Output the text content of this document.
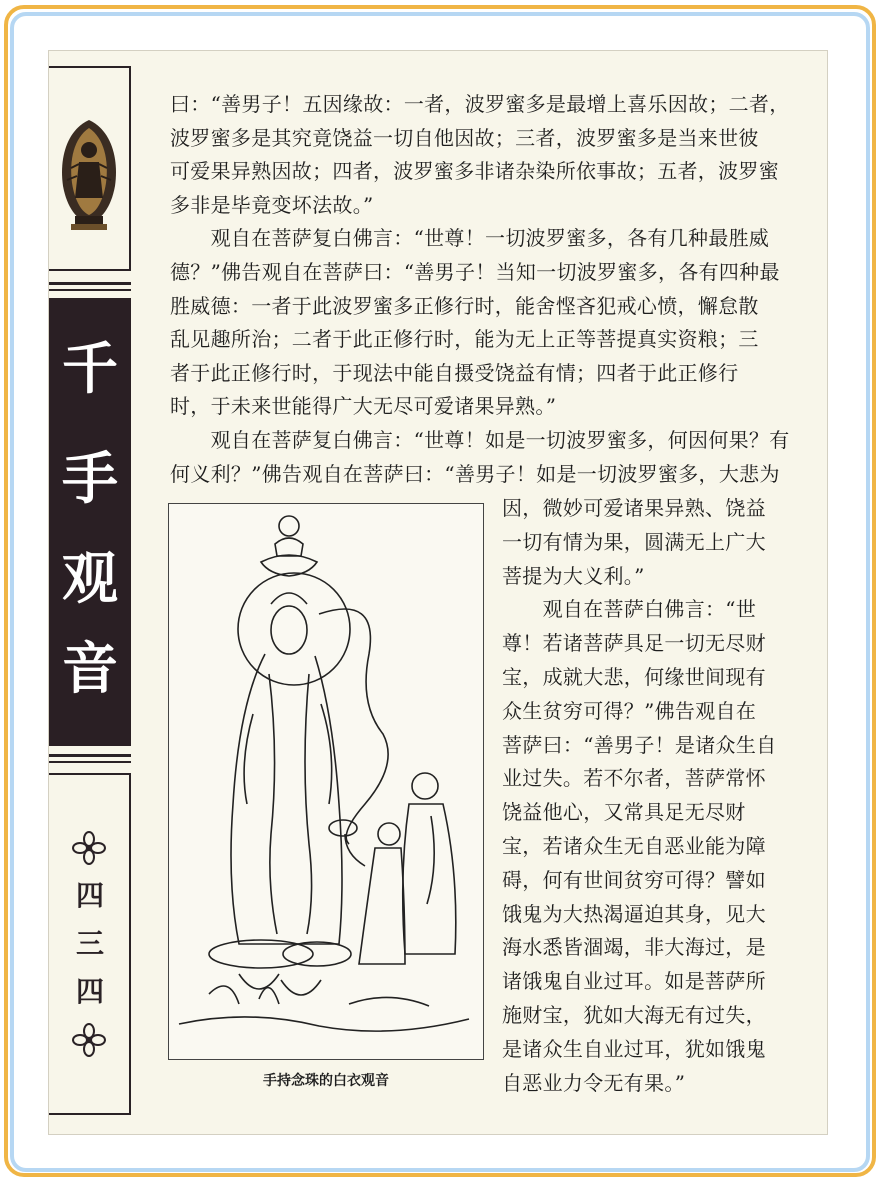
千
手
观
音
四
三
四
手持念珠的白衣观音
曰：“善男子！五因缘故：一者，波罗蜜多是最增上喜乐因故；二者，
波罗蜜多是其究竟饶益一切自他因故；三者，波罗蜜多是当来世彼
可爱果异熟因故；四者，波罗蜜多非诸杂染所依事故；五者，波罗蜜
多非是毕竟变坏法故。”
　　观自在菩萨复白佛言：“世尊！一切波罗蜜多，各有几种最胜威
德？”佛告观自在菩萨曰：“善男子！当知一切波罗蜜多，各有四种最
胜威德：一者于此波罗蜜多正修行时，能舍悭吝犯戒心愤，懈怠散
乱见趣所治；二者于此正修行时，能为无上正等菩提真实资粮；三
者于此正修行时，于现法中能自摄受饶益有情；四者于此正修行
时，于未来世能得广大无尽可爱诸果异熟。”
　　观自在菩萨复白佛言：“世尊！如是一切波罗蜜多，何因何果？有
何义利？”佛告观自在菩萨曰：“善男子！如是一切波罗蜜多，大悲为
因，微妙可爱诸果异熟、饶益
一切有情为果，圆满无上广大
菩提为大义利。”
　　观自在菩萨白佛言：“世
尊！若诸菩萨具足一切无尽财
宝，成就大悲，何缘世间现有
众生贫穷可得？”佛告观自在
菩萨曰：“善男子！是诸众生自
业过失。若不尔者，菩萨常怀
饶益他心，又常具足无尽财
宝，若诸众生无自恶业能为障
碍，何有世间贫穷可得？譬如
饿鬼为大热渴逼迫其身，见大
海水悉皆涸竭，非大海过，是
诸饿鬼自业过耳。如是菩萨所
施财宝，犹如大海无有过失，
是诸众生自业过耳，犹如饿鬼
自恶业力令无有果。”
